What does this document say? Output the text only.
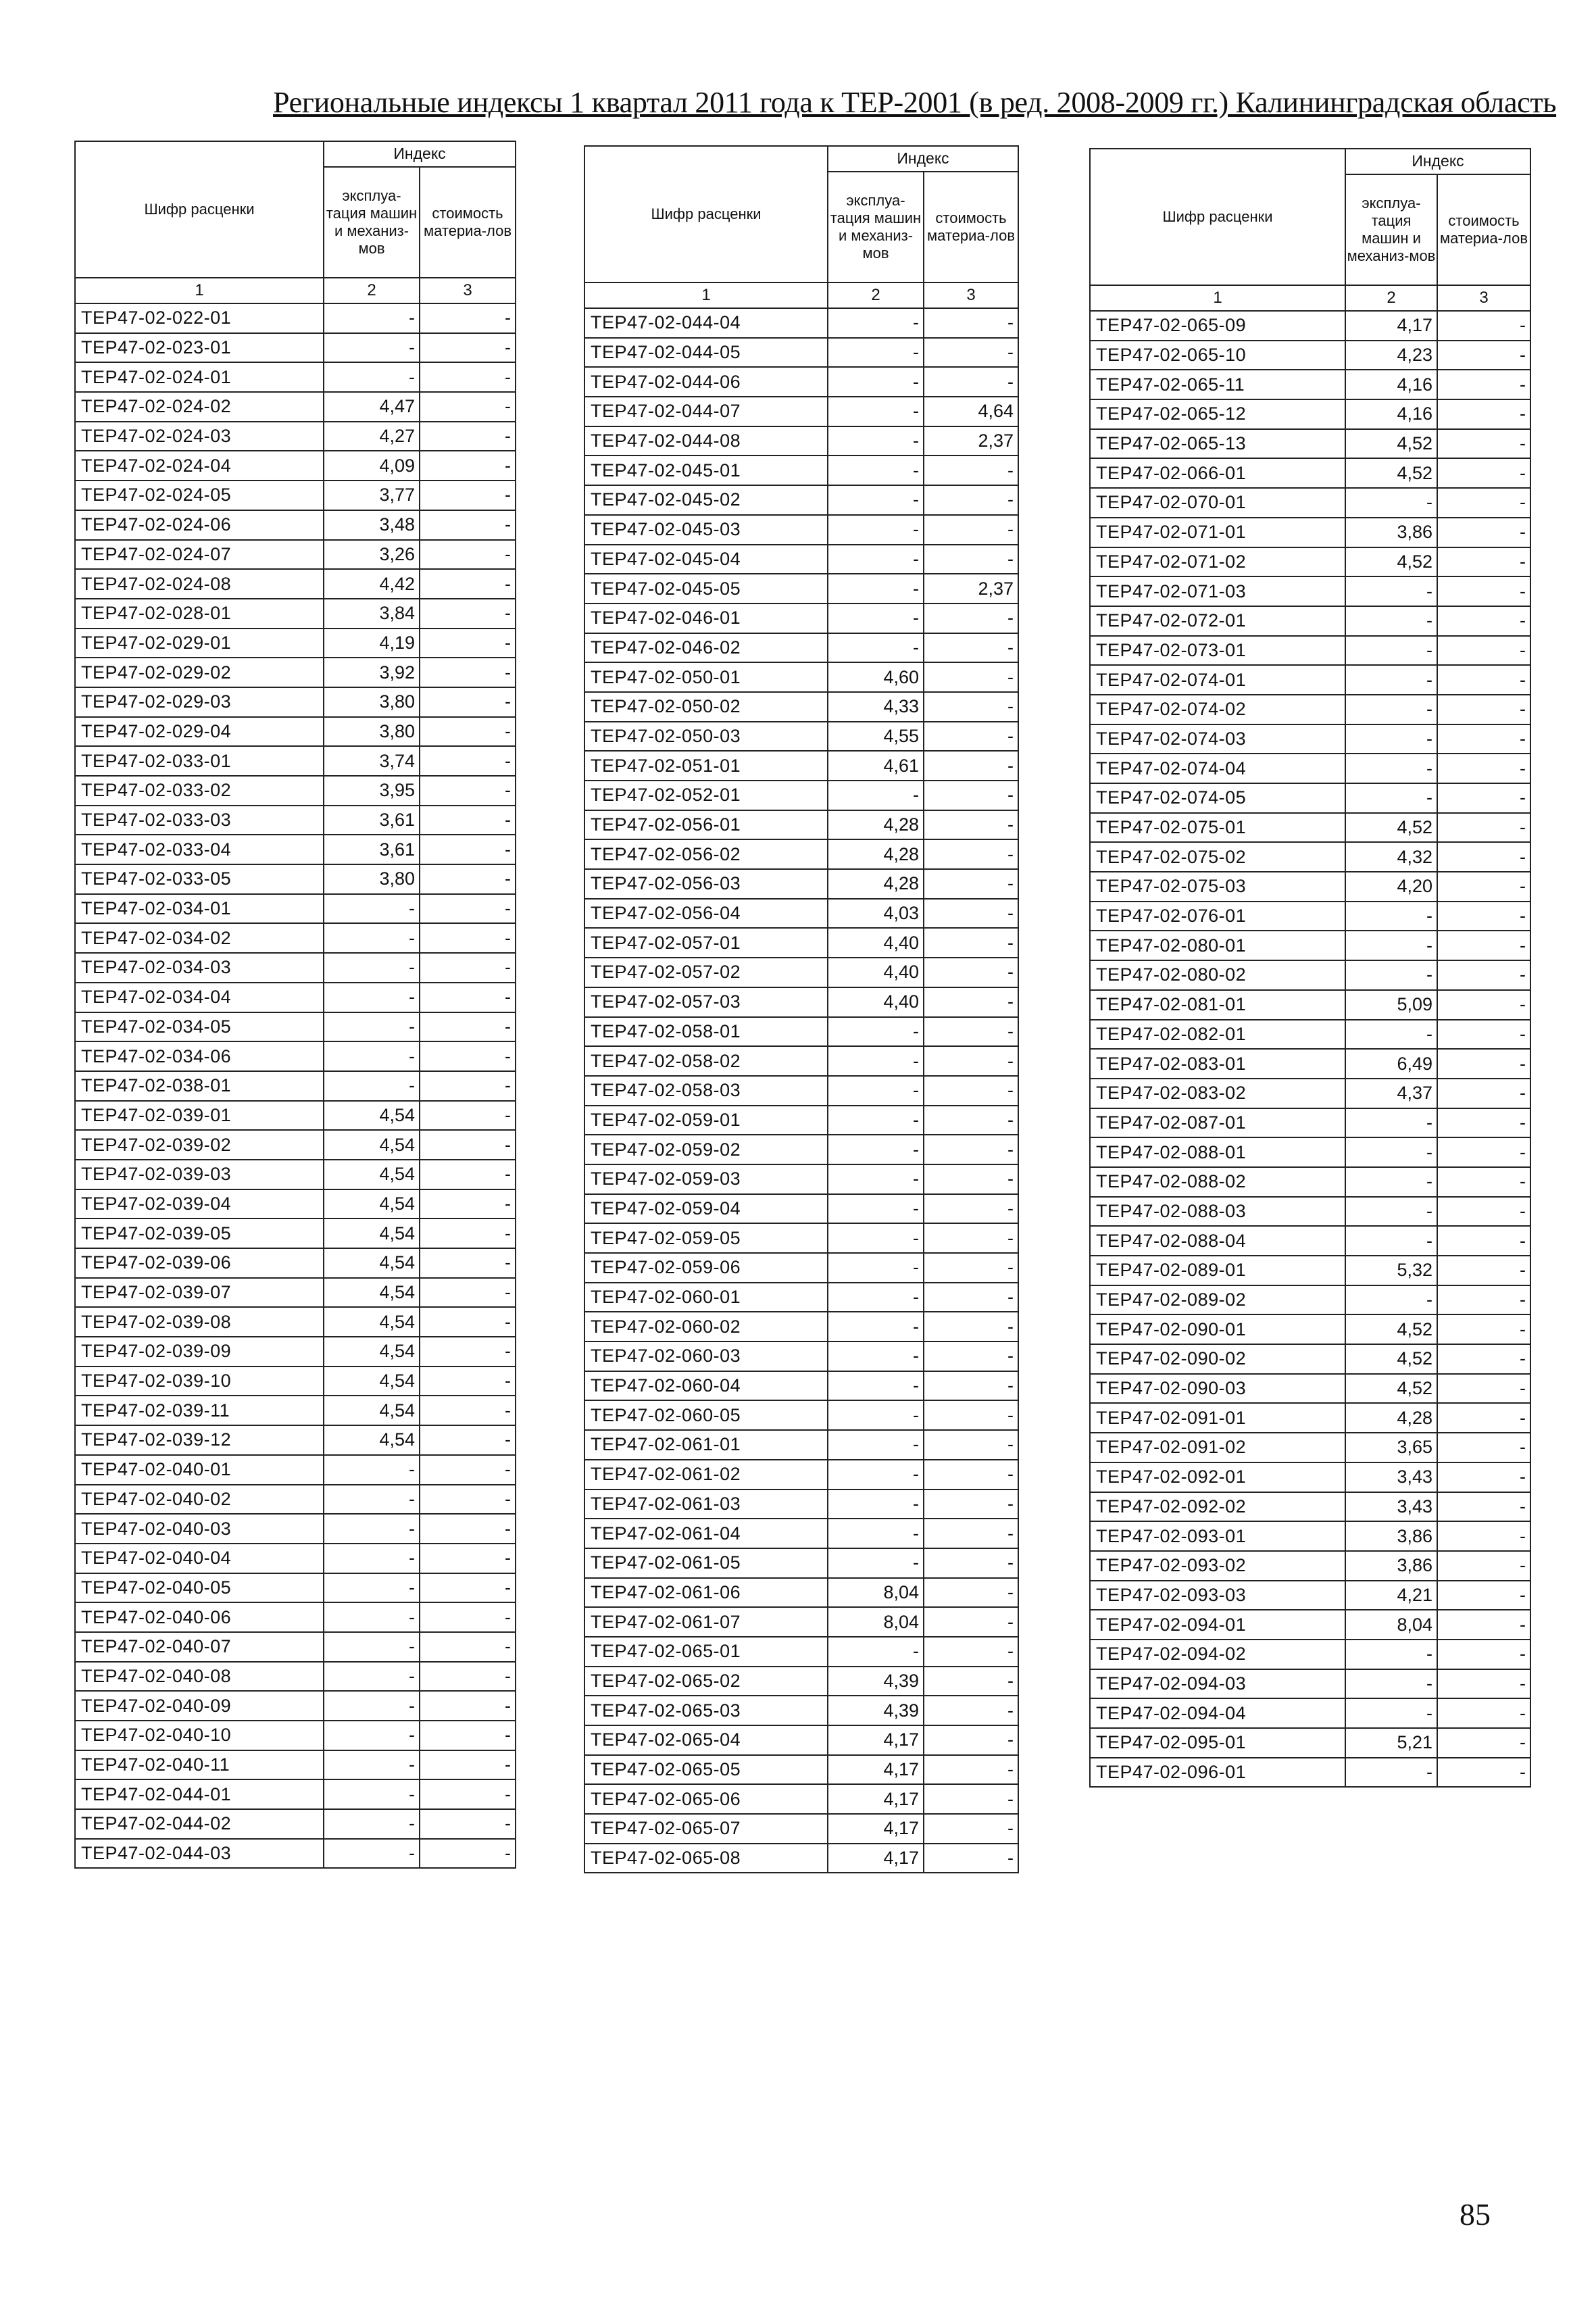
Региональные индексы 1 квартал 2011 года к ТЕР-2001 (в ред. 2008-2009 гг.) Калининградская область
Шифр расценки	Индекс	
	эксплуа-тация машин и механиз-мов	стоимость материа-лов
1	2	3
ТЕР47-02-022-01	-	-
ТЕР47-02-023-01	-	-
ТЕР47-02-024-01	-	-
ТЕР47-02-024-02	4,47	-
ТЕР47-02-024-03	4,27	-
ТЕР47-02-024-04	4,09	-
ТЕР47-02-024-05	3,77	-
ТЕР47-02-024-06	3,48	-
ТЕР47-02-024-07	3,26	-
ТЕР47-02-024-08	4,42	-
ТЕР47-02-028-01	3,84	-
ТЕР47-02-029-01	4,19	-
ТЕР47-02-029-02	3,92	-
ТЕР47-02-029-03	3,80	-
ТЕР47-02-029-04	3,80	-
ТЕР47-02-033-01	3,74	-
ТЕР47-02-033-02	3,95	-
ТЕР47-02-033-03	3,61	-
ТЕР47-02-033-04	3,61	-
ТЕР47-02-033-05	3,80	-
ТЕР47-02-034-01	-	-
ТЕР47-02-034-02	-	-
ТЕР47-02-034-03	-	-
ТЕР47-02-034-04	-	-
ТЕР47-02-034-05	-	-
ТЕР47-02-034-06	-	-
ТЕР47-02-038-01	-	-
ТЕР47-02-039-01	4,54	-
ТЕР47-02-039-02	4,54	-
ТЕР47-02-039-03	4,54	-
ТЕР47-02-039-04	4,54	-
ТЕР47-02-039-05	4,54	-
ТЕР47-02-039-06	4,54	-
ТЕР47-02-039-07	4,54	-
ТЕР47-02-039-08	4,54	-
ТЕР47-02-039-09	4,54	-
ТЕР47-02-039-10	4,54	-
ТЕР47-02-039-11	4,54	-
ТЕР47-02-039-12	4,54	-
ТЕР47-02-040-01	-	-
ТЕР47-02-040-02	-	-
ТЕР47-02-040-03	-	-
ТЕР47-02-040-04	-	-
ТЕР47-02-040-05	-	-
ТЕР47-02-040-06	-	-
ТЕР47-02-040-07	-	-
ТЕР47-02-040-08	-	-
ТЕР47-02-040-09	-	-
ТЕР47-02-040-10	-	-
ТЕР47-02-040-11	-	-
ТЕР47-02-044-01	-	-
ТЕР47-02-044-02	-	-
ТЕР47-02-044-03	-	-
Шифр расценки	Индекс	
	эксплуа-тация машин и механиз-мов	стоимость материа-лов
1	2	3
ТЕР47-02-044-04	-	-
ТЕР47-02-044-05	-	-
ТЕР47-02-044-06	-	-
ТЕР47-02-044-07	-	4,64
ТЕР47-02-044-08	-	2,37
ТЕР47-02-045-01	-	-
ТЕР47-02-045-02	-	-
ТЕР47-02-045-03	-	-
ТЕР47-02-045-04	-	-
ТЕР47-02-045-05	-	2,37
ТЕР47-02-046-01	-	-
ТЕР47-02-046-02	-	-
ТЕР47-02-050-01	4,60	-
ТЕР47-02-050-02	4,33	-
ТЕР47-02-050-03	4,55	-
ТЕР47-02-051-01	4,61	-
ТЕР47-02-052-01	-	-
ТЕР47-02-056-01	4,28	-
ТЕР47-02-056-02	4,28	-
ТЕР47-02-056-03	4,28	-
ТЕР47-02-056-04	4,03	-
ТЕР47-02-057-01	4,40	-
ТЕР47-02-057-02	4,40	-
ТЕР47-02-057-03	4,40	-
ТЕР47-02-058-01	-	-
ТЕР47-02-058-02	-	-
ТЕР47-02-058-03	-	-
ТЕР47-02-059-01	-	-
ТЕР47-02-059-02	-	-
ТЕР47-02-059-03	-	-
ТЕР47-02-059-04	-	-
ТЕР47-02-059-05	-	-
ТЕР47-02-059-06	-	-
ТЕР47-02-060-01	-	-
ТЕР47-02-060-02	-	-
ТЕР47-02-060-03	-	-
ТЕР47-02-060-04	-	-
ТЕР47-02-060-05	-	-
ТЕР47-02-061-01	-	-
ТЕР47-02-061-02	-	-
ТЕР47-02-061-03	-	-
ТЕР47-02-061-04	-	-
ТЕР47-02-061-05	-	-
ТЕР47-02-061-06	8,04	-
ТЕР47-02-061-07	8,04	-
ТЕР47-02-065-01	-	-
ТЕР47-02-065-02	4,39	-
ТЕР47-02-065-03	4,39	-
ТЕР47-02-065-04	4,17	-
ТЕР47-02-065-05	4,17	-
ТЕР47-02-065-06	4,17	-
ТЕР47-02-065-07	4,17	-
ТЕР47-02-065-08	4,17	-
Шифр расценки	Индекс	
	эксплуа-тация машин и механиз-мов	стоимость материа-лов
1	2	3
ТЕР47-02-065-09	4,17	-
ТЕР47-02-065-10	4,23	-
ТЕР47-02-065-11	4,16	-
ТЕР47-02-065-12	4,16	-
ТЕР47-02-065-13	4,52	-
ТЕР47-02-066-01	4,52	-
ТЕР47-02-070-01	-	-
ТЕР47-02-071-01	3,86	-
ТЕР47-02-071-02	4,52	-
ТЕР47-02-071-03	-	-
ТЕР47-02-072-01	-	-
ТЕР47-02-073-01	-	-
ТЕР47-02-074-01	-	-
ТЕР47-02-074-02	-	-
ТЕР47-02-074-03	-	-
ТЕР47-02-074-04	-	-
ТЕР47-02-074-05	-	-
ТЕР47-02-075-01	4,52	-
ТЕР47-02-075-02	4,32	-
ТЕР47-02-075-03	4,20	-
ТЕР47-02-076-01	-	-
ТЕР47-02-080-01	-	-
ТЕР47-02-080-02	-	-
ТЕР47-02-081-01	5,09	-
ТЕР47-02-082-01	-	-
ТЕР47-02-083-01	6,49	-
ТЕР47-02-083-02	4,37	-
ТЕР47-02-087-01	-	-
ТЕР47-02-088-01	-	-
ТЕР47-02-088-02	-	-
ТЕР47-02-088-03	-	-
ТЕР47-02-088-04	-	-
ТЕР47-02-089-01	5,32	-
ТЕР47-02-089-02	-	-
ТЕР47-02-090-01	4,52	-
ТЕР47-02-090-02	4,52	-
ТЕР47-02-090-03	4,52	-
ТЕР47-02-091-01	4,28	-
ТЕР47-02-091-02	3,65	-
ТЕР47-02-092-01	3,43	-
ТЕР47-02-092-02	3,43	-
ТЕР47-02-093-01	3,86	-
ТЕР47-02-093-02	3,86	-
ТЕР47-02-093-03	4,21	-
ТЕР47-02-094-01	8,04	-
ТЕР47-02-094-02	-	-
ТЕР47-02-094-03	-	-
ТЕР47-02-094-04	-	-
ТЕР47-02-095-01	5,21	-
ТЕР47-02-096-01	-	-
85
